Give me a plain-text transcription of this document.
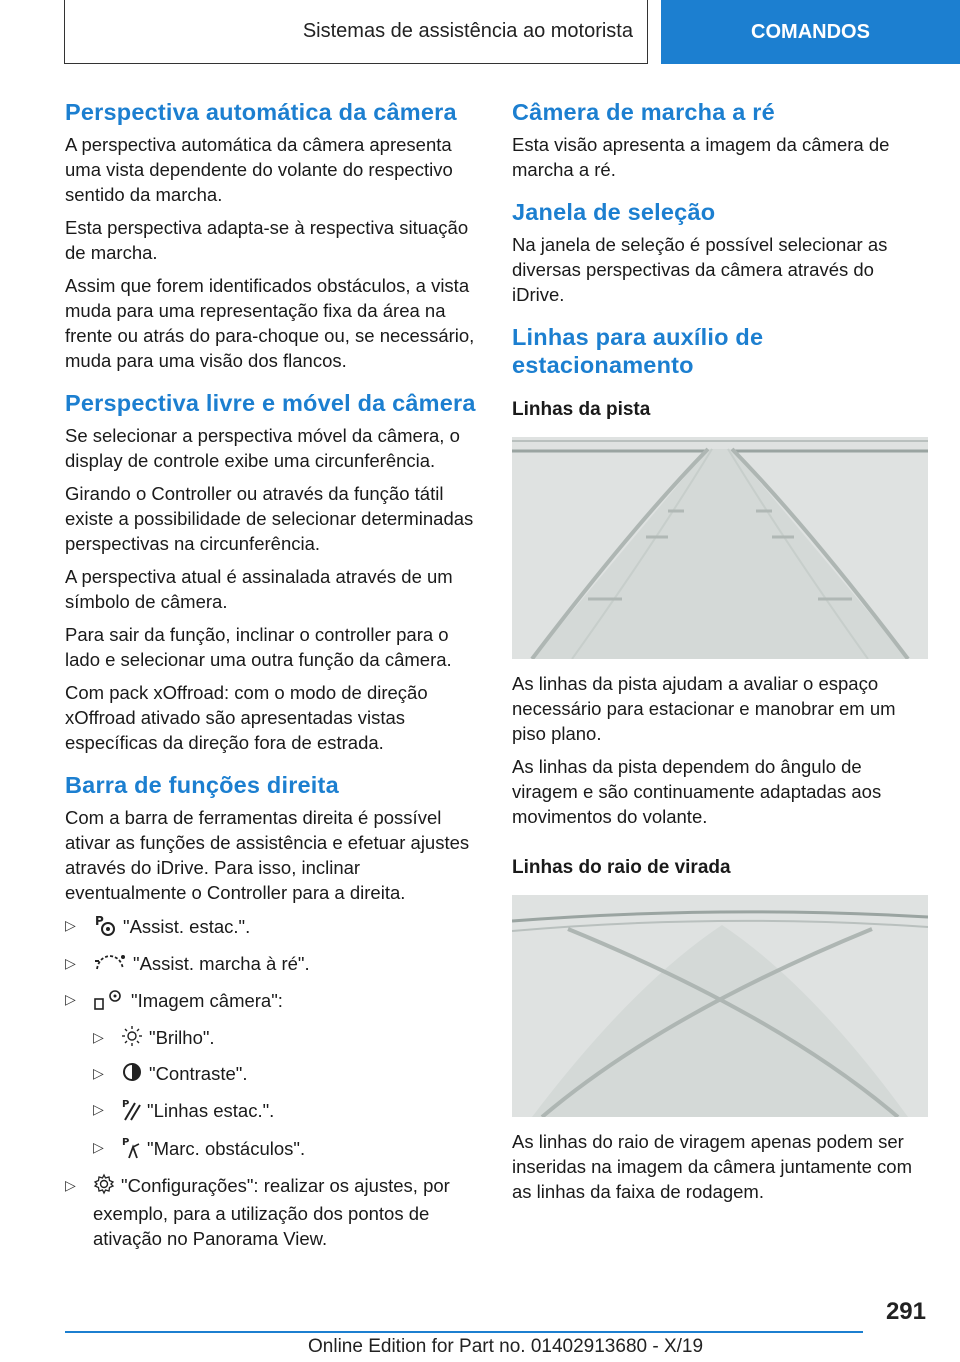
Sistemas de assistência ao motorista	COMANDOS
Perspectiva automática da câmera

A perspectiva automática da câmera apresenta uma vista dependente do volante do respectivo sentido da marcha.

Esta perspectiva adapta-se à respectiva situação de marcha.

Assim que forem identificados obstáculos, a vista muda para uma representação fixa da área na frente ou atrás do para-choque ou, se necessário, muda para uma visão dos flancos.

Perspectiva livre e móvel da câmera

Se selecionar a perspectiva móvel da câmera, o display de controle exibe uma circunferência.

Girando o Controller ou através da função tátil existe a possibilidade de selecionar determinadas perspectivas na circunferência.

A perspectiva atual é assinalada através de um símbolo de câmera.

Para sair da função, inclinar o controller para o lado e selecionar uma outra função da câmera.

Com pack xOffroad: com o modo de direção xOffroad ativado são apresentadas vistas específicas da direção fora de estrada.

Barra de funções direita

Com a barra de ferramentas direita é possível ativar as funções de assistência e efetuar ajustes através do iDrive. Para isso, inclinar eventualmente o Controller para a direita.

▷ P "Assist. estac.".
▷	"Assist. marcha à ré".
▷	"Imagem câmera":
▷ "Brilho".
▷ "Contraste".
▷ P "Linhas estac.".
▷ P "Marc. obstáculos".
▷ "Configurações": realizar os ajustes, por exemplo, para a utilização dos pontos de ativação no Panorama View.
Câmera de marcha a ré

Esta visão apresenta a imagem da câmera de marcha a ré.

Janela de seleção

Na janela de seleção é possível selecionar as diversas perspectivas da câmera através do iDrive.

Linhas para auxílio de estacionamento
Linhas da pista

As linhas da pista ajudam a avaliar o espaço necessário para estacionar e manobrar em um piso plano.

As linhas da pista dependem do ângulo de viragem e são continuamente adaptadas aos movimentos do volante.

Linhas do raio de virada

As linhas do raio de viragem apenas podem ser inseridas na imagem da câmera juntamente com as linhas da faixa de rodagem.

291
Online Edition for Part no. 01402913680 - X/19
